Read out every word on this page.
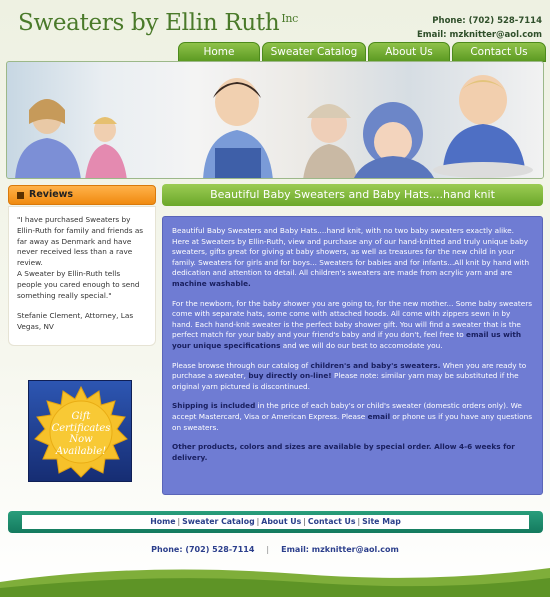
Sweaters by Ellin Ruth $^{Inc}$	Phone: (702) 528-7114
Email: mzknitter@aol.com
Home	Sweater Catalog	About Us	Contact Us
Reviews

"I have purchased Sweaters by Ellin-Ruth for family and friends as far away as Denmark and have never received less than a rave review.
A Sweater by Ellin-Ruth tells people you cared enough to send something really special."

Stefanie Clement, Attorney, Las Vegas, NV

Gift
Certificates
Now
Available!
Beautiful Baby Sweaters and Baby Hats....hand knit

Beautiful Baby Sweaters and Baby Hats....hand knit, with no two baby sweaters exactly alike. Here at Sweaters by Ellin-Ruth, view and purchase any of our hand-knitted and truly unique baby sweaters, gifts great for giving at baby showers, as well as treasures for the new child in your family. Sweaters for girls and for boys... Sweaters for babies and for infants...All knit by hand with dedication and attention to detail. All children's sweaters are made from acrylic yarn and are machine washable.

For the newborn, for the baby shower you are going to, for the new mother... Some baby sweaters come with separate hats, some come with attached hoods. All come with zippers sewn in by hand. Each hand-knit sweater is the perfect baby shower gift. You will find a sweater that is the perfect match for your baby and your friend's baby and if you don't, feel free to email us with your unique specifications and we will do our best to accomodate you.

Please browse through our catalog of children's and baby's sweaters. When you are ready to purchase a sweater, buy directly on-line! Please note: similar yarn may be substituted if the original yarn pictured is discontinued.

Shipping is included in the price of each baby's or child's sweater (domestic orders only). We accept Mastercard, Visa or American Express. Please email or phone us if you have any questions on sweaters.

Other products, colors and sizes are available by special order. Allow 4-6 weeks for delivery.

Home | Sweater Catalog | About Us | Contact Us | Site Map
Phone: (702) 528-7114 | Email: mzknitter@aol.com
